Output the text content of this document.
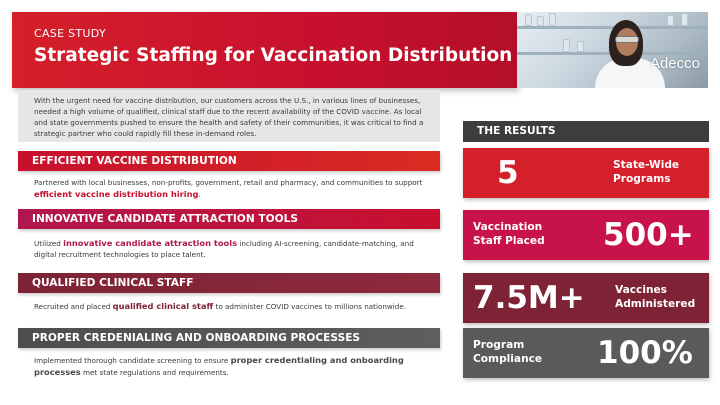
CASE STUDY
Strategic Staffing for Vaccination Distribution	Adecco
With the urgent need for vaccine distribution, our customers across the U.S., in various lines of businesses, needed a high volume of qualified, clinical staff due to the recent availability of the COVID vaccine. As local and state governments pushed to ensure the health and safety of their communities, it was critical to find a strategic partner who could rapidly fill these in-demand roles.
EFFICIENT VACCINE DISTRIBUTION
Partnered with local businesses, non-profits, government, retail and pharmacy, and communities to support efficient vaccine distribution hiring.
INNOVATIVE CANDIDATE ATTRACTION TOOLS
Utilized innovative candidate attraction tools including AI-screening, candidate-matching, and digital recruitment technologies to place talent.
QUALIFIED CLINICAL STAFF
Recruited and placed qualified clinical staff to administer COVID vaccines to millions nationwide.
PROPER CREDENIALING AND ONBOARDING PROCESSES
Implemented thorough candidate screening to ensure proper credentialing and onboarding processes met state regulations and requirements.
THE RESULTS
5	State-Wide
Programs
Vaccination
Staff Placed 500+
7.5M+	Vaccines
Administered
Program
Compliance 100%
